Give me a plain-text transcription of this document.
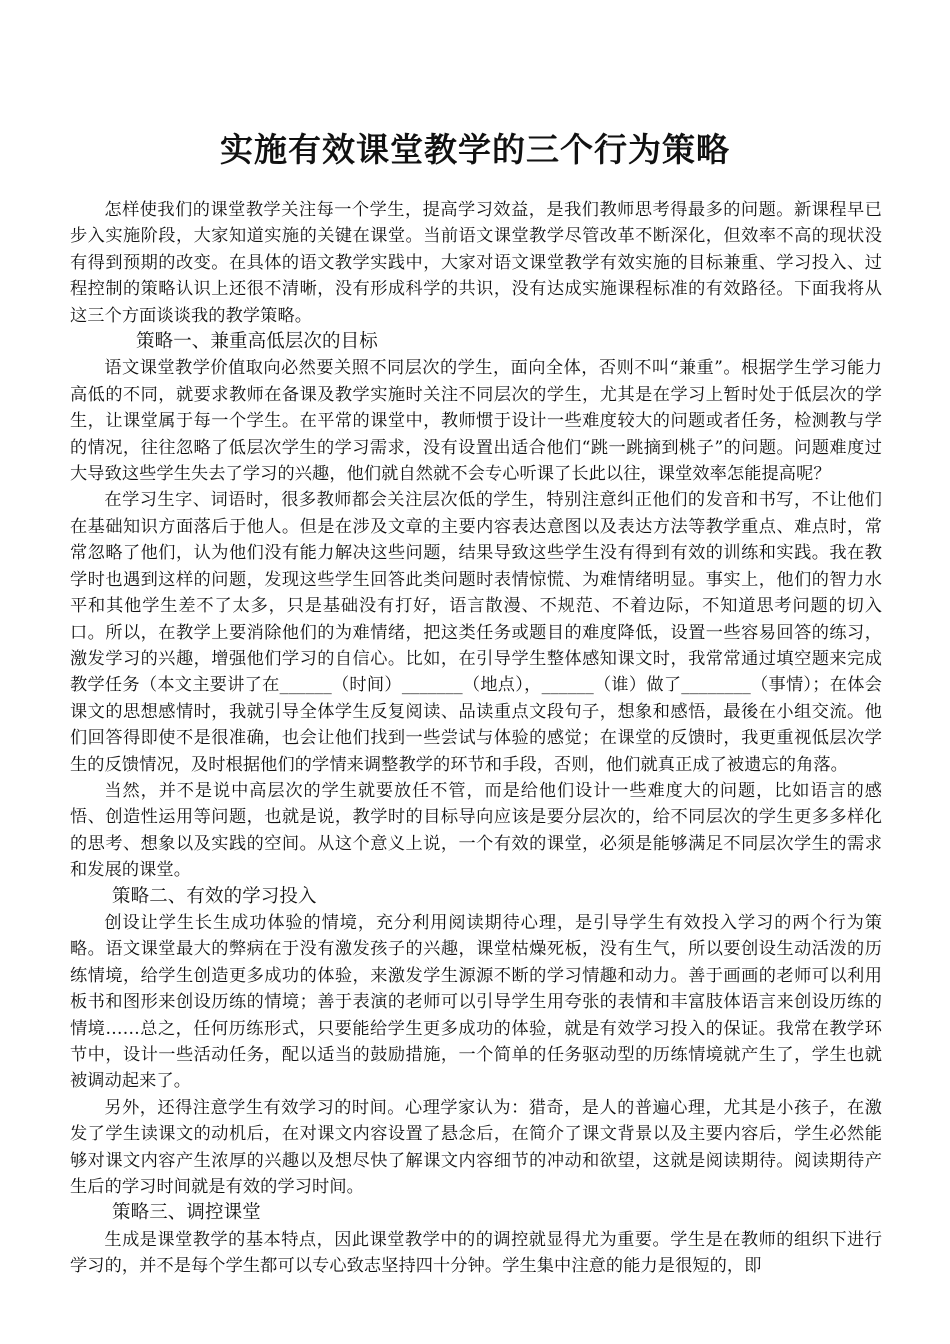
实施有效课堂教学的三个行为策略

怎样使我们的课堂教学关注每一个学生，提高学习效益，是我们教师思考得最多的问题。新课程早已步入实施阶段，大家知道实施的关键在课堂。当前语文课堂教学尽管改革不断深化，但效率不高的现状没有得到预期的改变。在具体的语文教学实践中，大家对语文课堂教学有效实施的目标兼重、学习投入、过程控制的策略认识上还很不清晰，没有形成科学的共识，没有达成实施课程标准的有效路径。下面我将从这三个方面谈谈我的教学策略。

策略一、兼重高低层次的目标

语文课堂教学价值取向必然要关照不同层次的学生，面向全体，否则不叫“兼重”。根据学生学习能力高低的不同，就要求教师在备课及教学实施时关注不同层次的学生，尤其是在学习上暂时处于低层次的学生，让课堂属于每一个学生。在平常的课堂中，教师惯于设计一些难度较大的问题或者任务，检测教与学的情况，往往忽略了低层次学生的学习需求，没有设置出适合他们“跳一跳摘到桃子”的问题。问题难度过大导致这些学生失去了学习的兴趣，他们就自然就不会专心听课了长此以往，课堂效率怎能提高呢？

在学习生字、词语时，很多教师都会关注层次低的学生，特别注意纠正他们的发音和书写，不让他们在基础知识方面落后于他人。但是在涉及文章的主要内容表达意图以及表达方法等教学重点、难点时，常常忽略了他们，认为他们没有能力解决这些问题，结果导致这些学生没有得到有效的训练和实践。我在教学时也遇到这样的问题，发现这些学生回答此类问题时表情惊慌、为难情绪明显。事实上，他们的智力水平和其他学生差不了太多，只是基础没有打好，语言散漫、不规范、不着边际，不知道思考问题的切入口。所以，在教学上要消除他们的为难情绪，把这类任务或题目的难度降低，设置一些容易回答的练习，激发学习的兴趣，增强他们学习的自信心。比如，在引导学生整体感知课文时，我常常通过填空题来完成教学任务（本文主要讲了在______（时间）_______（地点），______（谁）做了________（事情）；在体会课文的思想感情时，我就引导全体学生反复阅读、品读重点文段句子，想象和感悟，最後在小组交流。他们回答得即使不是很准确，也会让他们找到一些尝试与体验的感觉；在课堂的反馈时，我更重视低层次学生的反馈情况，及时根据他们的学情来调整教学的环节和手段，否则，他们就真正成了被遗忘的角落。

当然，并不是说中高层次的学生就要放任不管，而是给他们设计一些难度大的问题，比如语言的感悟、创造性运用等问题，也就是说，教学时的目标导向应该是要分层次的，给不同层次的学生更多多样化的思考、想象以及实践的空间。从这个意义上说，一个有效的课堂，必须是能够满足不同层次学生的需求和发展的课堂。

策略二、有效的学习投入

创设让学生长生成功体验的情境，充分利用阅读期待心理，是引导学生有效投入学习的两个行为策略。语文课堂最大的弊病在于没有激发孩子的兴趣，课堂枯燥死板，没有生气，所以要创设生动活泼的历练情境，给学生创造更多成功的体验，来激发学生源源不断的学习情趣和动力。善于画画的老师可以利用板书和图形来创设历练的情境；善于表演的老师可以引导学生用夸张的表情和丰富肢体语言来创设历练的情境……总之，任何历练形式，只要能给学生更多成功的体验，就是有效学习投入的保证。我常在教学环节中，设计一些活动任务，配以适当的鼓励措施，一个简单的任务驱动型的历练情境就产生了，学生也就被调动起来了。

另外，还得注意学生有效学习的时间。心理学家认为：猎奇，是人的普遍心理，尤其是小孩子，在激发了学生读课文的动机后，在对课文内容设置了悬念后，在简介了课文背景以及主要内容后，学生必然能够对课文内容产生浓厚的兴趣以及想尽快了解课文内容细节的冲动和欲望，这就是阅读期待。阅读期待产生后的学习时间就是有效的学习时间。

策略三、调控课堂

生成是课堂教学的基本特点，因此课堂教学中的的调控就显得尤为重要。学生是在教师的组织下进行学习的，并不是每个学生都可以专心致志坚持四十分钟。学生集中注意的能力是很短的，即
